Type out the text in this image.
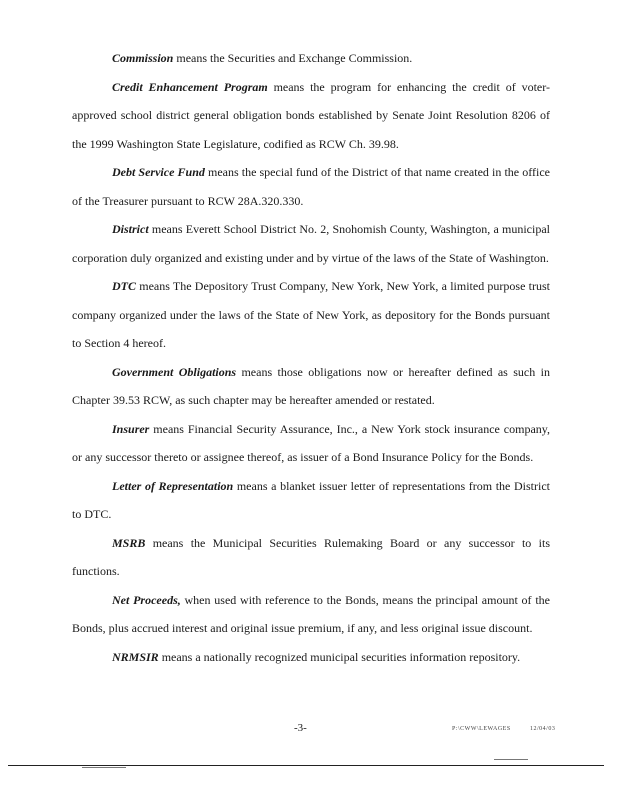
Commission means the Securities and Exchange Commission.

Credit Enhancement Program means the program for enhancing the credit of voter-approved school district general obligation bonds established by Senate Joint Resolution 8206 of the 1999 Washington State Legislature, codified as RCW Ch. 39.98.

Debt Service Fund means the special fund of the District of that name created in the office of the Treasurer pursuant to RCW 28A.320.330.

District means Everett School District No. 2, Snohomish County, Washington, a municipal corporation duly organized and existing under and by virtue of the laws of the State of Washington.

DTC means The Depository Trust Company, New York, New York, a limited purpose trust company organized under the laws of the State of New York, as depository for the Bonds pursuant to Section 4 hereof.

Government Obligations means those obligations now or hereafter defined as such in Chapter 39.53 RCW, as such chapter may be hereafter amended or restated.

Insurer means Financial Security Assurance, Inc., a New York stock insurance company, or any successor thereto or assignee thereof, as issuer of a Bond Insurance Policy for the Bonds.

Letter of Representation means a blanket issuer letter of representations from the District to DTC.

MSRB means the Municipal Securities Rulemaking Board or any successor to its functions.

Net Proceeds, when used with reference to the Bonds, means the principal amount of the Bonds, plus accrued interest and original issue premium, if any, and less original issue discount.

NRMSIR means a nationally recognized municipal securities information repository.

-3-	P:\CWW\LEWAGES	12/04/03
